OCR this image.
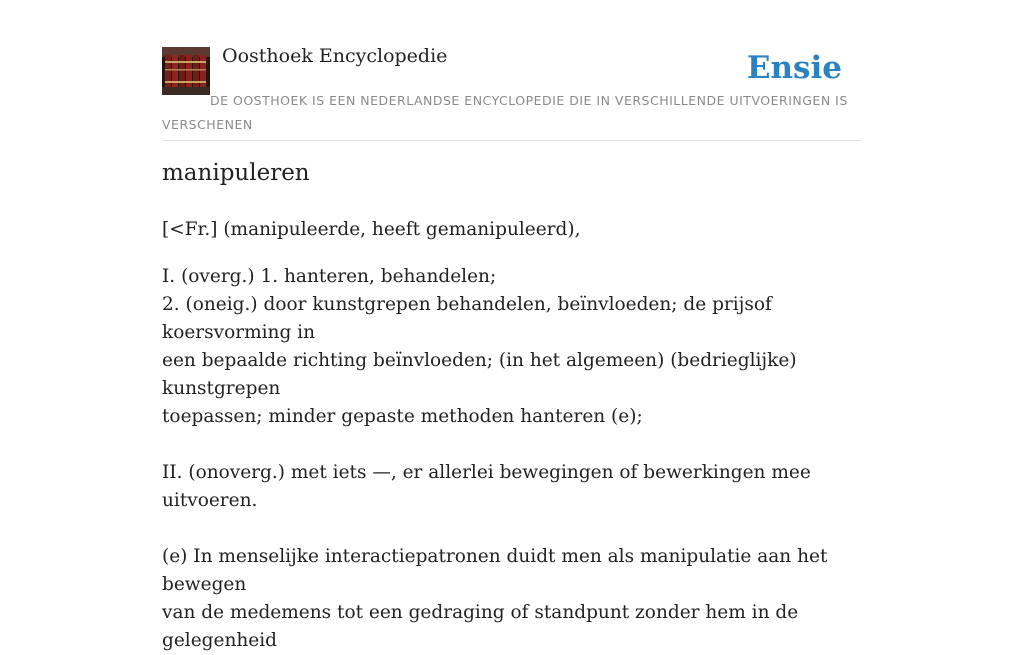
Oosthoek Encyclopedie	Ensie
DE OOSTHOEK IS EEN NEDERLANDSE ENCYCLOPEDIE DIE IN VERSCHILLENDE UITVOERINGEN IS VERSCHENEN
manipuleren

[<Fr.] (manipuleerde, heeft gemanipuleerd),

I. (overg.) 1. hanteren, behandelen;

2. (oneig.) door kunstgrepen behandelen, beïnvloeden; de prijsof koersvorming in

een bepaalde richting beïnvloeden; (in het algemeen) (bedrieglijke) kunstgrepen

toepassen; minder gepaste methoden hanteren (e);

II. (onoverg.) met iets —, er allerlei bewegingen of bewerkingen mee uitvoeren.

(e) In menselijke interactiepatronen duidt men als manipulatie aan het bewegen

van de medemens tot een gedraging of standpunt zonder hem in de gelegenheid
